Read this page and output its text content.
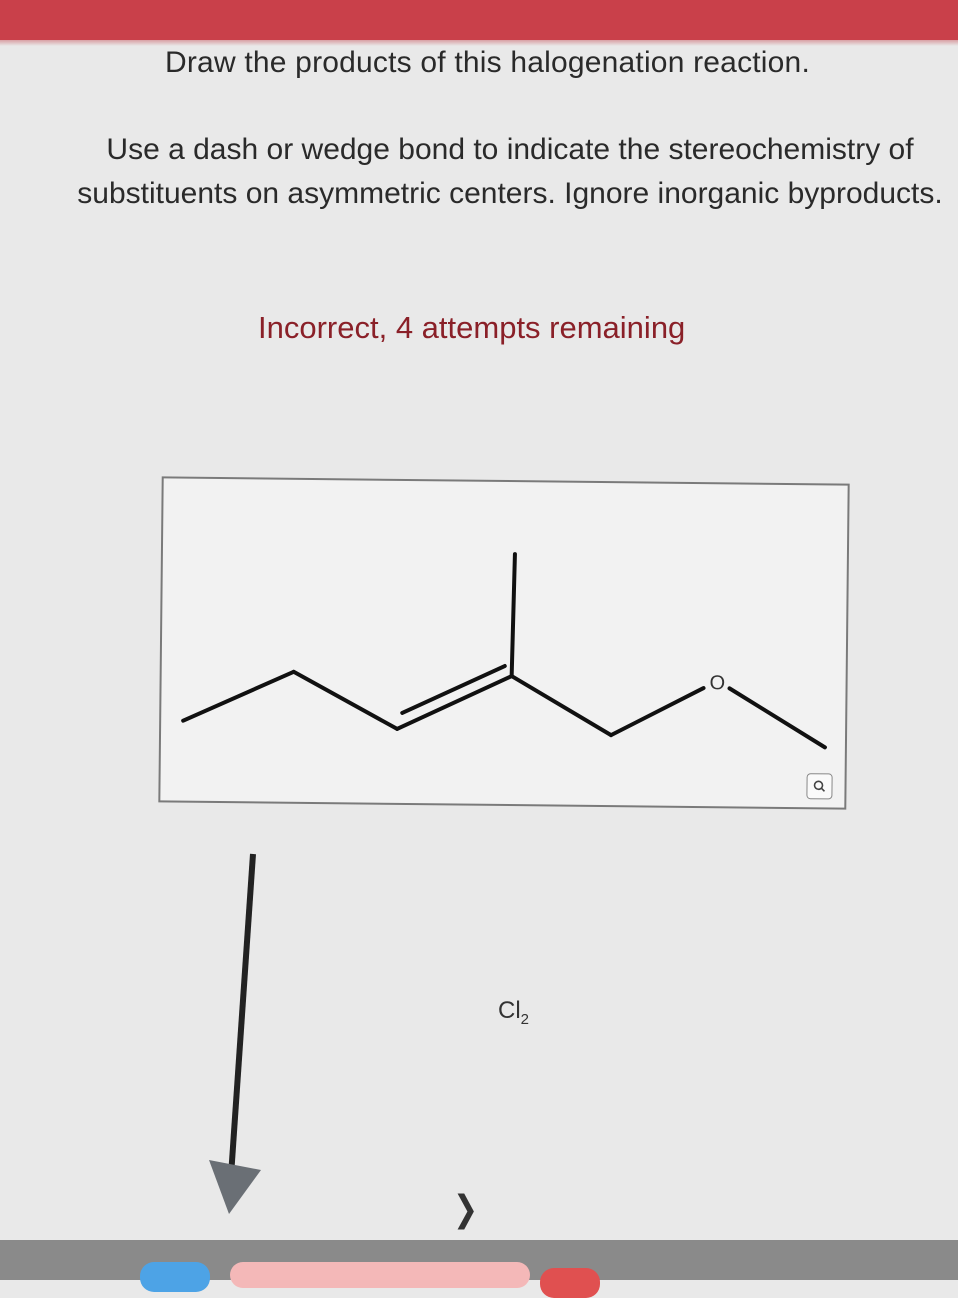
Draw the products of this halogenation reaction.
Use a dash or wedge bond to indicate the stereochemistry of substituents on asymmetric centers. Ignore inorganic byproducts.
Incorrect, 4 attempts remaining
O
$Cl_2$
❯
